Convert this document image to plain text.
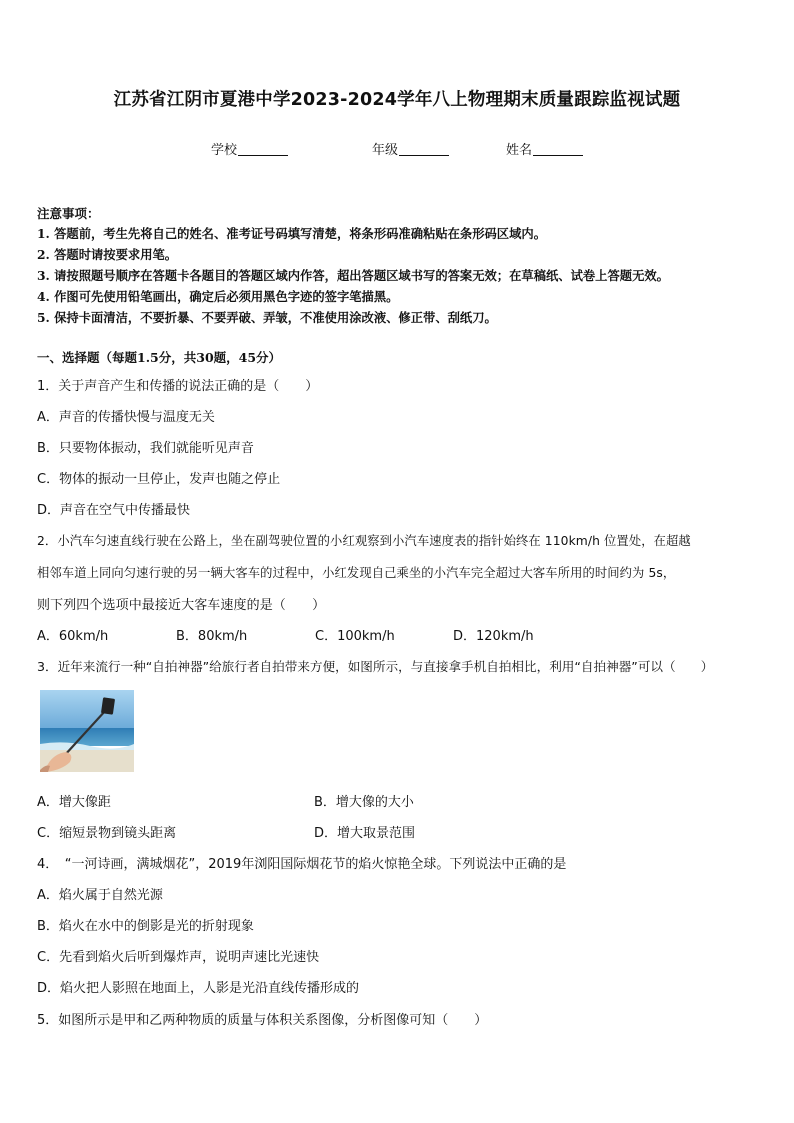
江苏省江阴市夏港中学2023-2024学年八上物理期末质量跟踪监视试题
学校	年级	姓名
注意事项：
1. 答题前，考生先将自己的姓名、准考证号码填写清楚，将条形码准确粘贴在条形码区域内。
2. 答题时请按要求用笔。
3. 请按照题号顺序在答题卡各题目的答题区域内作答，超出答题区域书写的答案无效；在草稿纸、试卷上答题无效。
4. 作图可先使用铅笔画出，确定后必须用黑色字迹的签字笔描黑。
5. 保持卡面清洁，不要折暴、不要弄破、弄皱，不准使用涂改液、修正带、刮纸刀。
一、选择题（每题1.5分，共30题，45分）
1．关于声音产生和传播的说法正确的是（　　）
A．声音的传播快慢与温度无关
B．只要物体振动，我们就能听见声音
C．物体的振动一旦停止，发声也随之停止
D．声音在空气中传播最快
2．小汽车匀速直线行驶在公路上，坐在副驾驶位置的小红观察到小汽车速度表的指针始终在 110km/h 位置处，在超越
相邻车道上同向匀速行驶的另一辆大客车的过程中，小红发现自己乘坐的小汽车完全超过大客车所用的时间约为 5s，
则下列四个选项中最接近大客车速度的是（　　）
A．60km/h	B．80km/h	C．100km/h	D．120km/h
3．近年来流行一种“自拍神器”给旅行者自拍带来方便，如图所示，与直接拿手机自拍相比，利用“自拍神器”可以（　　）
A．增大像距	B．增大像的大小
C．缩短景物到镜头距离	D．增大取景范围
4．　“一河诗画，满城烟花”，2019年浏阳国际烟花节的焰火惊艳全球。下列说法中正确的是
A．焰火属于自然光源
B．焰火在水中的倒影是光的折射现象
C．先看到焰火后听到爆炸声，说明声速比光速快
D．焰火把人影照在地面上，人影是光沿直线传播形成的
5．如图所示是甲和乙两种物质的质量与体积关系图像，分析图像可知（　　）
